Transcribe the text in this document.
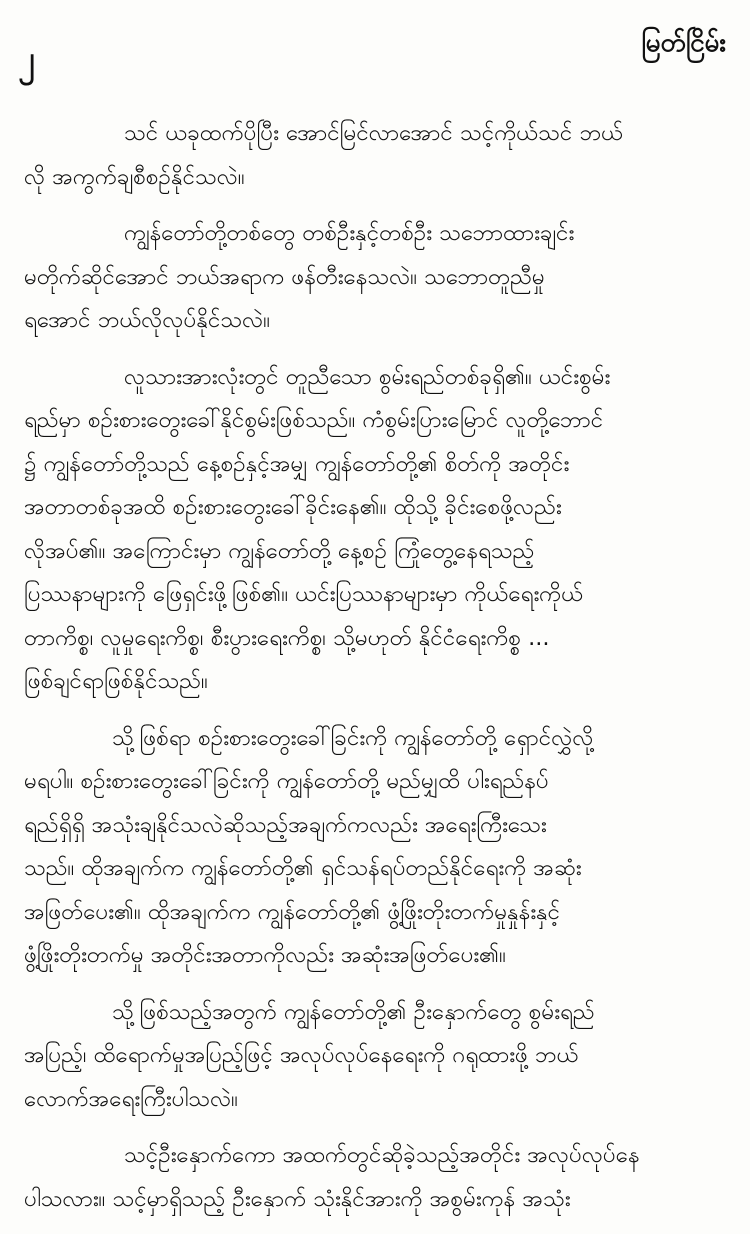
၂	မြတ်ငြိမ်း

သင် ယခုထက်ပိုပြီး အောင်မြင်လာအောင် သင့်ကိုယ်သင် ဘယ်
လို အကွက်ချစီစဉ်နိုင်သလဲ။

ကျွန်တော်တို့တစ်တွေ တစ်ဦးနှင့်တစ်ဦး သဘောထားချင်း
မတိုက်ဆိုင်အောင် ဘယ်အရာက ဖန်တီးနေသလဲ။ သဘောတူညီမှု
ရအောင် ဘယ်လိုလုပ်နိုင်သလဲ။

လူသားအားလုံးတွင် တူညီသော စွမ်းရည်တစ်ခုရှိ၏။ ယင်းစွမ်း
ရည်မှာ စဉ်းစားတွေးခေါ်နိုင်စွမ်းဖြစ်သည်။ ကံစွမ်းပြားမြောင် လူတို့ဘောင်
၌ ကျွန်တော်တို့သည် နေ့စဉ်နှင့်အမျှ ကျွန်တော်တို့၏ စိတ်ကို အတိုင်း
အတာတစ်ခုအထိ စဉ်းစားတွေးခေါ်ခိုင်းနေ၏။ ထိုသို့ ခိုင်းစေဖို့လည်း
လိုအပ်၏။ အကြောင်းမှာ ကျွန်တော်တို့ နေ့စဉ် ကြုံတွေ့နေရသည့်
ပြဿနာများကို ဖြေရှင်းဖို့ဖြစ်၏။ ယင်းပြဿနာများမှာ ကိုယ်ရေးကိုယ်
တာကိစ္စ၊ လူမှုရေးကိစ္စ၊ စီးပွားရေးကိစ္စ၊ သို့မဟုတ် နိုင်ငံရေးကိစ္စ ...
ဖြစ်ချင်ရာဖြစ်နိုင်သည်။

သို့ဖြစ်ရာ စဉ်းစားတွေးခေါ်ခြင်းကို ကျွန်တော်တို့ ရှောင်လွှဲလို့
မရပါ။ စဉ်းစားတွေးခေါ်ခြင်းကို ကျွန်တော်တို့ မည်မျှထိ ပါးရည်နပ်
ရည်ရှိရှိ အသုံးချနိုင်သလဲဆိုသည့်အချက်ကလည်း အရေးကြီးသေး
သည်။ ထိုအချက်က ကျွန်တော်တို့၏ ရှင်သန်ရပ်တည်နိုင်ရေးကို အဆုံး
အဖြတ်ပေး၏။ ထိုအချက်က ကျွန်တော်တို့၏ ဖွံ့ဖြိုးတိုးတက်မှုနှုန်းနှင့်
ဖွံ့ဖြိုးတိုးတက်မှု အတိုင်းအတာကိုလည်း အဆုံးအဖြတ်ပေး၏။

သို့ဖြစ်သည့်အတွက် ကျွန်တော်တို့၏ ဦးနှောက်တွေ စွမ်းရည်
အပြည့်၊ ထိရောက်မှုအပြည့်ဖြင့် အလုပ်လုပ်နေရေးကို ဂရုထားဖို့ ဘယ်
လောက်အရေးကြီးပါသလဲ။

သင့်ဦးနှောက်ကော အထက်တွင်ဆိုခဲ့သည့်အတိုင်း အလုပ်လုပ်နေ
ပါသလား။ သင့်မှာရှိသည့် ဦးနှောက် သုံးနိုင်အားကို အစွမ်းကုန် အသုံး
